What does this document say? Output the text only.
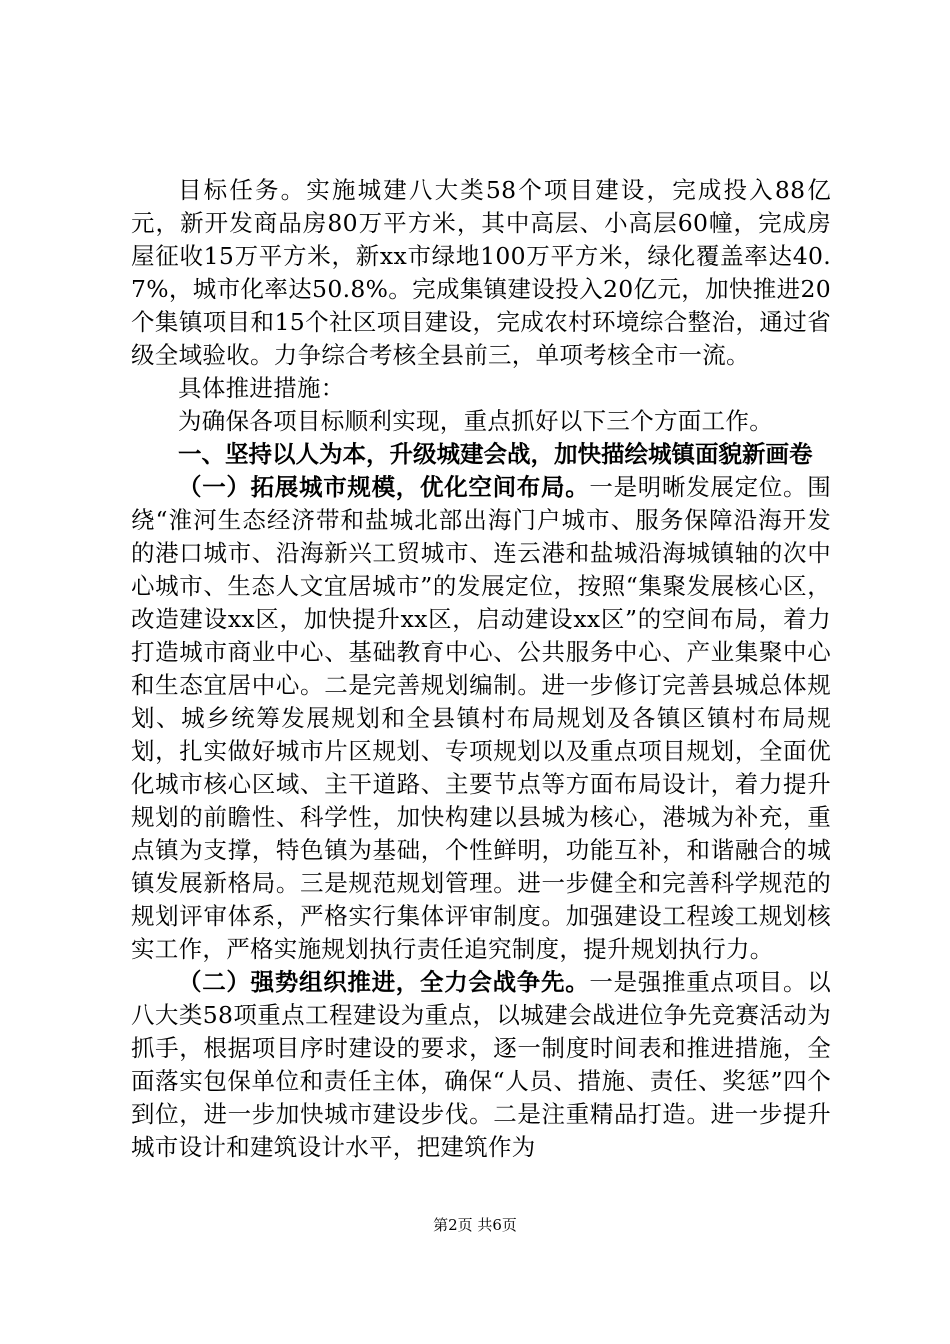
目标任务。实施城建八大类58个项目建设，完成投入88亿元，新开发商品房80万平方米，其中高层、小高层60幢，完成房屋征收15万平方米，新xx市绿地100万平方米，绿化覆盖率达40.7%，城市化率达50.8%。完成集镇建设投入20亿元，加快推进20个集镇项目和15个社区项目建设，完成农村环境综合整治，通过省级全域验收。力争综合考核全县前三，单项考核全市一流。

具体推进措施：

为确保各项目标顺利实现，重点抓好以下三个方面工作。

一、坚持以人为本，升级城建会战，加快描绘城镇面貌新画卷

（一）拓展城市规模，优化空间布局。一是明晰发展定位。围绕“淮河生态经济带和盐城北部出海门户城市、服务保障沿海开发的港口城市、沿海新兴工贸城市、连云港和盐城沿海城镇轴的次中心城市、生态人文宜居城市”的发展定位，按照“集聚发展核心区，改造建设xx区，加快提升xx区，启动建设xx区”的空间布局，着力打造城市商业中心、基础教育中心、公共服务中心、产业集聚中心和生态宜居中心。二是完善规划编制。进一步修订完善县城总体规划、城乡统筹发展规划和全县镇村布局规划及各镇区镇村布局规划，扎实做好城市片区规划、专项规划以及重点项目规划，全面优化城市核心区域、主干道路、主要节点等方面布局设计，着力提升规划的前瞻性、科学性，加快构建以县城为核心，港城为补充，重点镇为支撑，特色镇为基础，个性鲜明，功能互补，和谐融合的城镇发展新格局。三是规范规划管理。进一步健全和完善科学规范的规划评审体系，严格实行集体评审制度。加强建设工程竣工规划核实工作，严格实施规划执行责任追究制度，提升规划执行力。

（二）强势组织推进，全力会战争先。一是强推重点项目。以八大类58项重点工程建设为重点，以城建会战进位争先竞赛活动为抓手，根据项目序时建设的要求，逐一制度时间表和推进措施，全面落实包保单位和责任主体，确保“人员、措施、责任、奖惩”四个到位，进一步加快城市建设步伐。二是注重精品打造。进一步提升城市设计和建筑设计水平，把建筑作为

第2页 共6页
